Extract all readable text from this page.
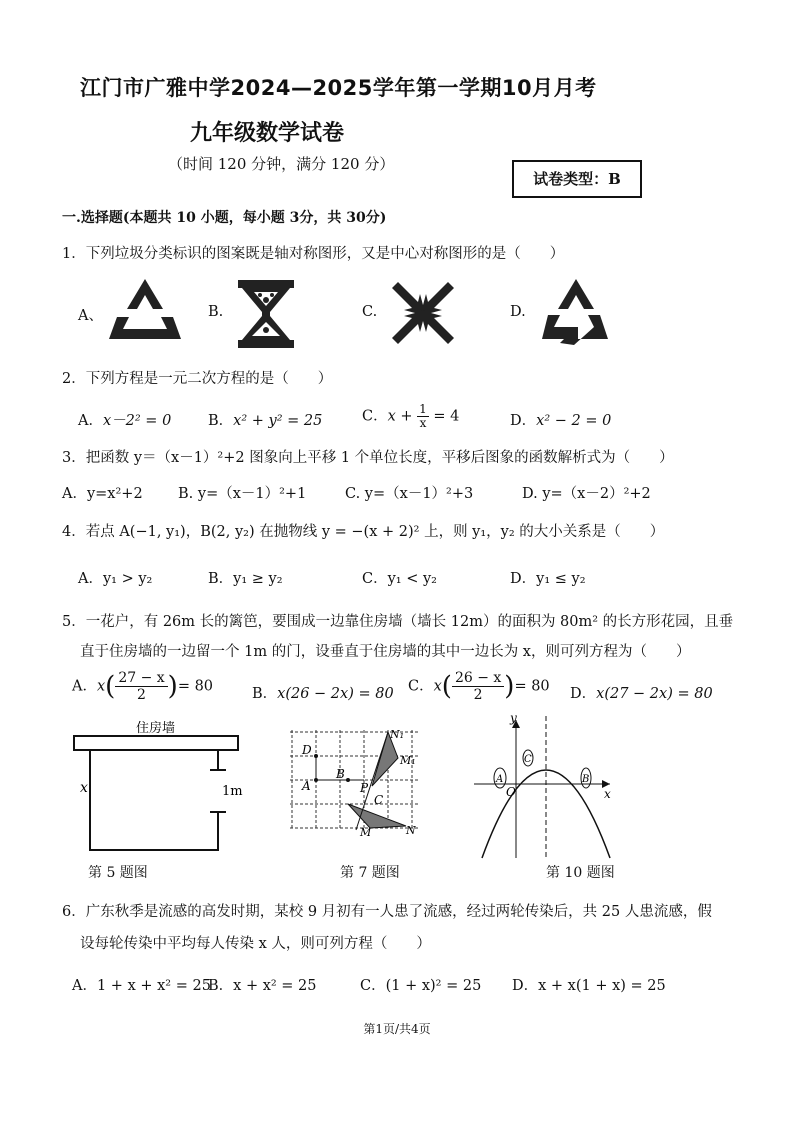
江门市广雅中学2024—2025学年第一学期10月月考
九年级数学试卷
（时间 120 分钟，满分 120 分）
试卷类型：B
一.选择题(本题共 10 小题，每小题 3分，共 30分)
1．下列垃圾分类标识的图案既是轴对称图形，又是中心对称图形的是（　　）
A、	B.	C.	D.
2．下列方程是一元二次方程的是（　　）
A．x－2² = 0	B．x² + y² = 25	C．$x + \frac{1}{x} = 4$	D．x² − 2 = 0
3．把函数 y＝（x－1）²+2 图象向上平移 1 个单位长度，平移后图象的函数解析式为（　　）
A．y=x²+2 B. y=（x－1）²+1	C. y=（x－1）²+3	D. y=（x－2）²+2
4．若点 A(−1, y₁)，B(2, y₂) 在抛物线 y = −(x + 2)² 上，则 y₁，y₂ 的大小关系是（　　）
A．y₁ > y₂	B．y₁ ≥ y₂	C．y₁ < y₂	D．y₁ ≤ y₂
5．一花户，有 26m 长的篱笆，要围成一边靠住房墙（墙长 12m）的面积为 80m² 的长方形花园，且垂
直于住房墙的一边留一个 1m 的门，设垂直于住房墙的其中一边长为 x，则可列方程为（　　）
A．$x( \frac{27 - x}{2}$ )= 80	B．x(26 − 2x) = 80 C．$x( \frac{26 - x}{2}$ )= 80 D．x(27 − 2x) = 80
住房墙
x	1m
第 5 题图
D
A
B
P
C
N₁
M₁
M	N
第 7 题图
y
x
O
A	B
C
第 10 题图
6．广东秋季是流感的高发时期，某校 9 月初有一人患了流感，经过两轮传染后，共 25 人患流感，假
设每轮传染中平均每人传染 x 人，则可列方程（　　）
A．1 + x + x² = 25
B．x + x² = 25	C．(1 + x)² = 25 D．x + x(1 + x) = 25
第1页/共4页
